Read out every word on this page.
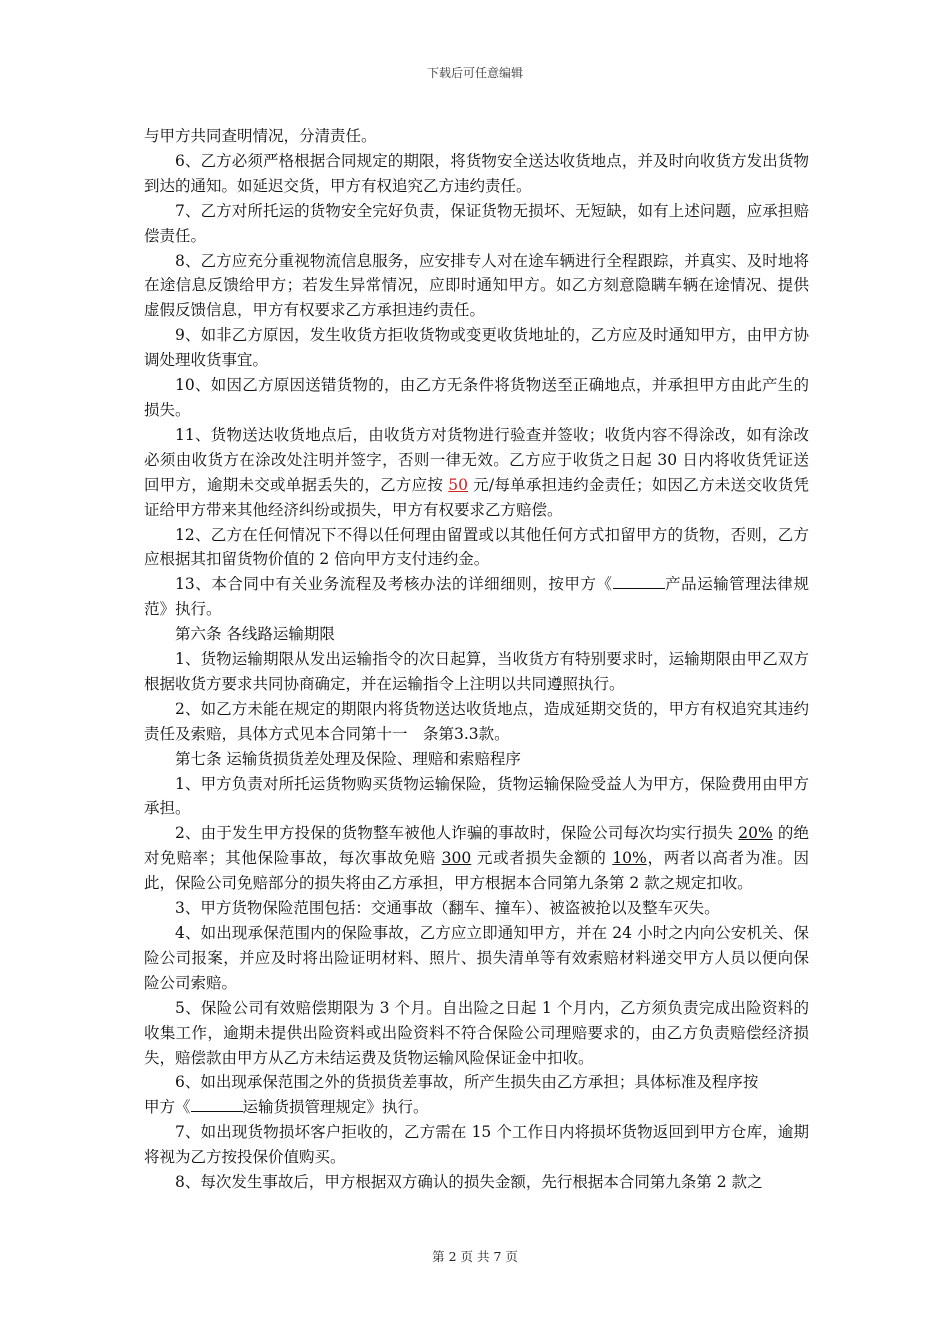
下载后可任意编辑

与甲方共同查明情况，分清责任。

6、乙方必须严格根据合同规定的期限，将货物安全送达收货地点，并及时向收货方发出货物到达的通知。如延迟交货，甲方有权追究乙方违约责任。

7、乙方对所托运的货物安全完好负责，保证货物无损坏、无短缺，如有上述问题，应承担赔偿责任。

8、乙方应充分重视物流信息服务，应安排专人对在途车辆进行全程跟踪，并真实、及时地将在途信息反馈给甲方；若发生异常情况，应即时通知甲方。如乙方刻意隐瞒车辆在途情况、提供虚假反馈信息，甲方有权要求乙方承担违约责任。

9、如非乙方原因，发生收货方拒收货物或变更收货地址的，乙方应及时通知甲方，由甲方协调处理收货事宜。

10、如因乙方原因送错货物的，由乙方无条件将货物送至正确地点，并承担甲方由此产生的损失。

11、货物送达收货地点后，由收货方对货物进行验查并签收；收货内容不得涂改，如有涂改必须由收货方在涂改处注明并签字，否则一律无效。乙方应于收货之日起 30 日内将收货凭证送回甲方，逾期未交或单据丢失的，乙方应按 50 元/每单承担违约金责任；如因乙方未送交收货凭证给甲方带来其他经济纠纷或损失，甲方有权要求乙方赔偿。

12、乙方在任何情况下不得以任何理由留置或以其他任何方式扣留甲方的货物，否则，乙方应根据其扣留货物价值的 2 倍向甲方支付违约金。

13、本合同中有关业务流程及考核办法的详细细则，按甲方《	产品运输管理法律规范》执行。

第六条 各线路运输期限

1、货物运输期限从发出运输指令的次日起算，当收货方有特别要求时，运输期限由甲乙双方根据收货方要求共同协商确定，并在运输指令上注明以共同遵照执行。

2、如乙方未能在规定的期限内将货物送达收货地点，造成延期交货的，甲方有权追究其违约责任及索赔，具体方式见本合同第十一　条第3.3款。

第七条 运输货损货差处理及保险、理赔和索赔程序

1、甲方负责对所托运货物购买货物运输保险，货物运输保险受益人为甲方，保险费用由甲方承担。

2、由于发生甲方投保的货物整车被他人诈骗的事故时，保险公司每次均实行损失 20% 的绝对免赔率；其他保险事故，每次事故免赔 300 元或者损失金额的 10%，两者以高者为准。因此，保险公司免赔部分的损失将由乙方承担，甲方根据本合同第九条第 2 款之规定扣收。

3、甲方货物保险范围包括：交通事故（翻车、撞车）、被盗被抢以及整车灭失。

4、如出现承保范围内的保险事故，乙方应立即通知甲方，并在 24 小时之内向公安机关、保险公司报案，并应及时将出险证明材料、照片、损失清单等有效索赔材料递交甲方人员以便向保险公司索赔。

5、保险公司有效赔偿期限为 3 个月。自出险之日起 1 个月内，乙方须负责完成出险资料的收集工作，逾期未提供出险资料或出险资料不符合保险公司理赔要求的，由乙方负责赔偿经济损失，赔偿款由甲方从乙方未结运费及货物运输风险保证金中扣收。

6、如出现承保范围之外的货损货差事故，所产生损失由乙方承担；具体标准及程序按

甲方《	运输货损管理规定》执行。

7、如出现货物损坏客户拒收的，乙方需在 15 个工作日内将损坏货物返回到甲方仓库，逾期将视为乙方按投保价值购买。

8、每次发生事故后，甲方根据双方确认的损失金额，先行根据本合同第九条第 2 款之

第 2 页 共 7 页
